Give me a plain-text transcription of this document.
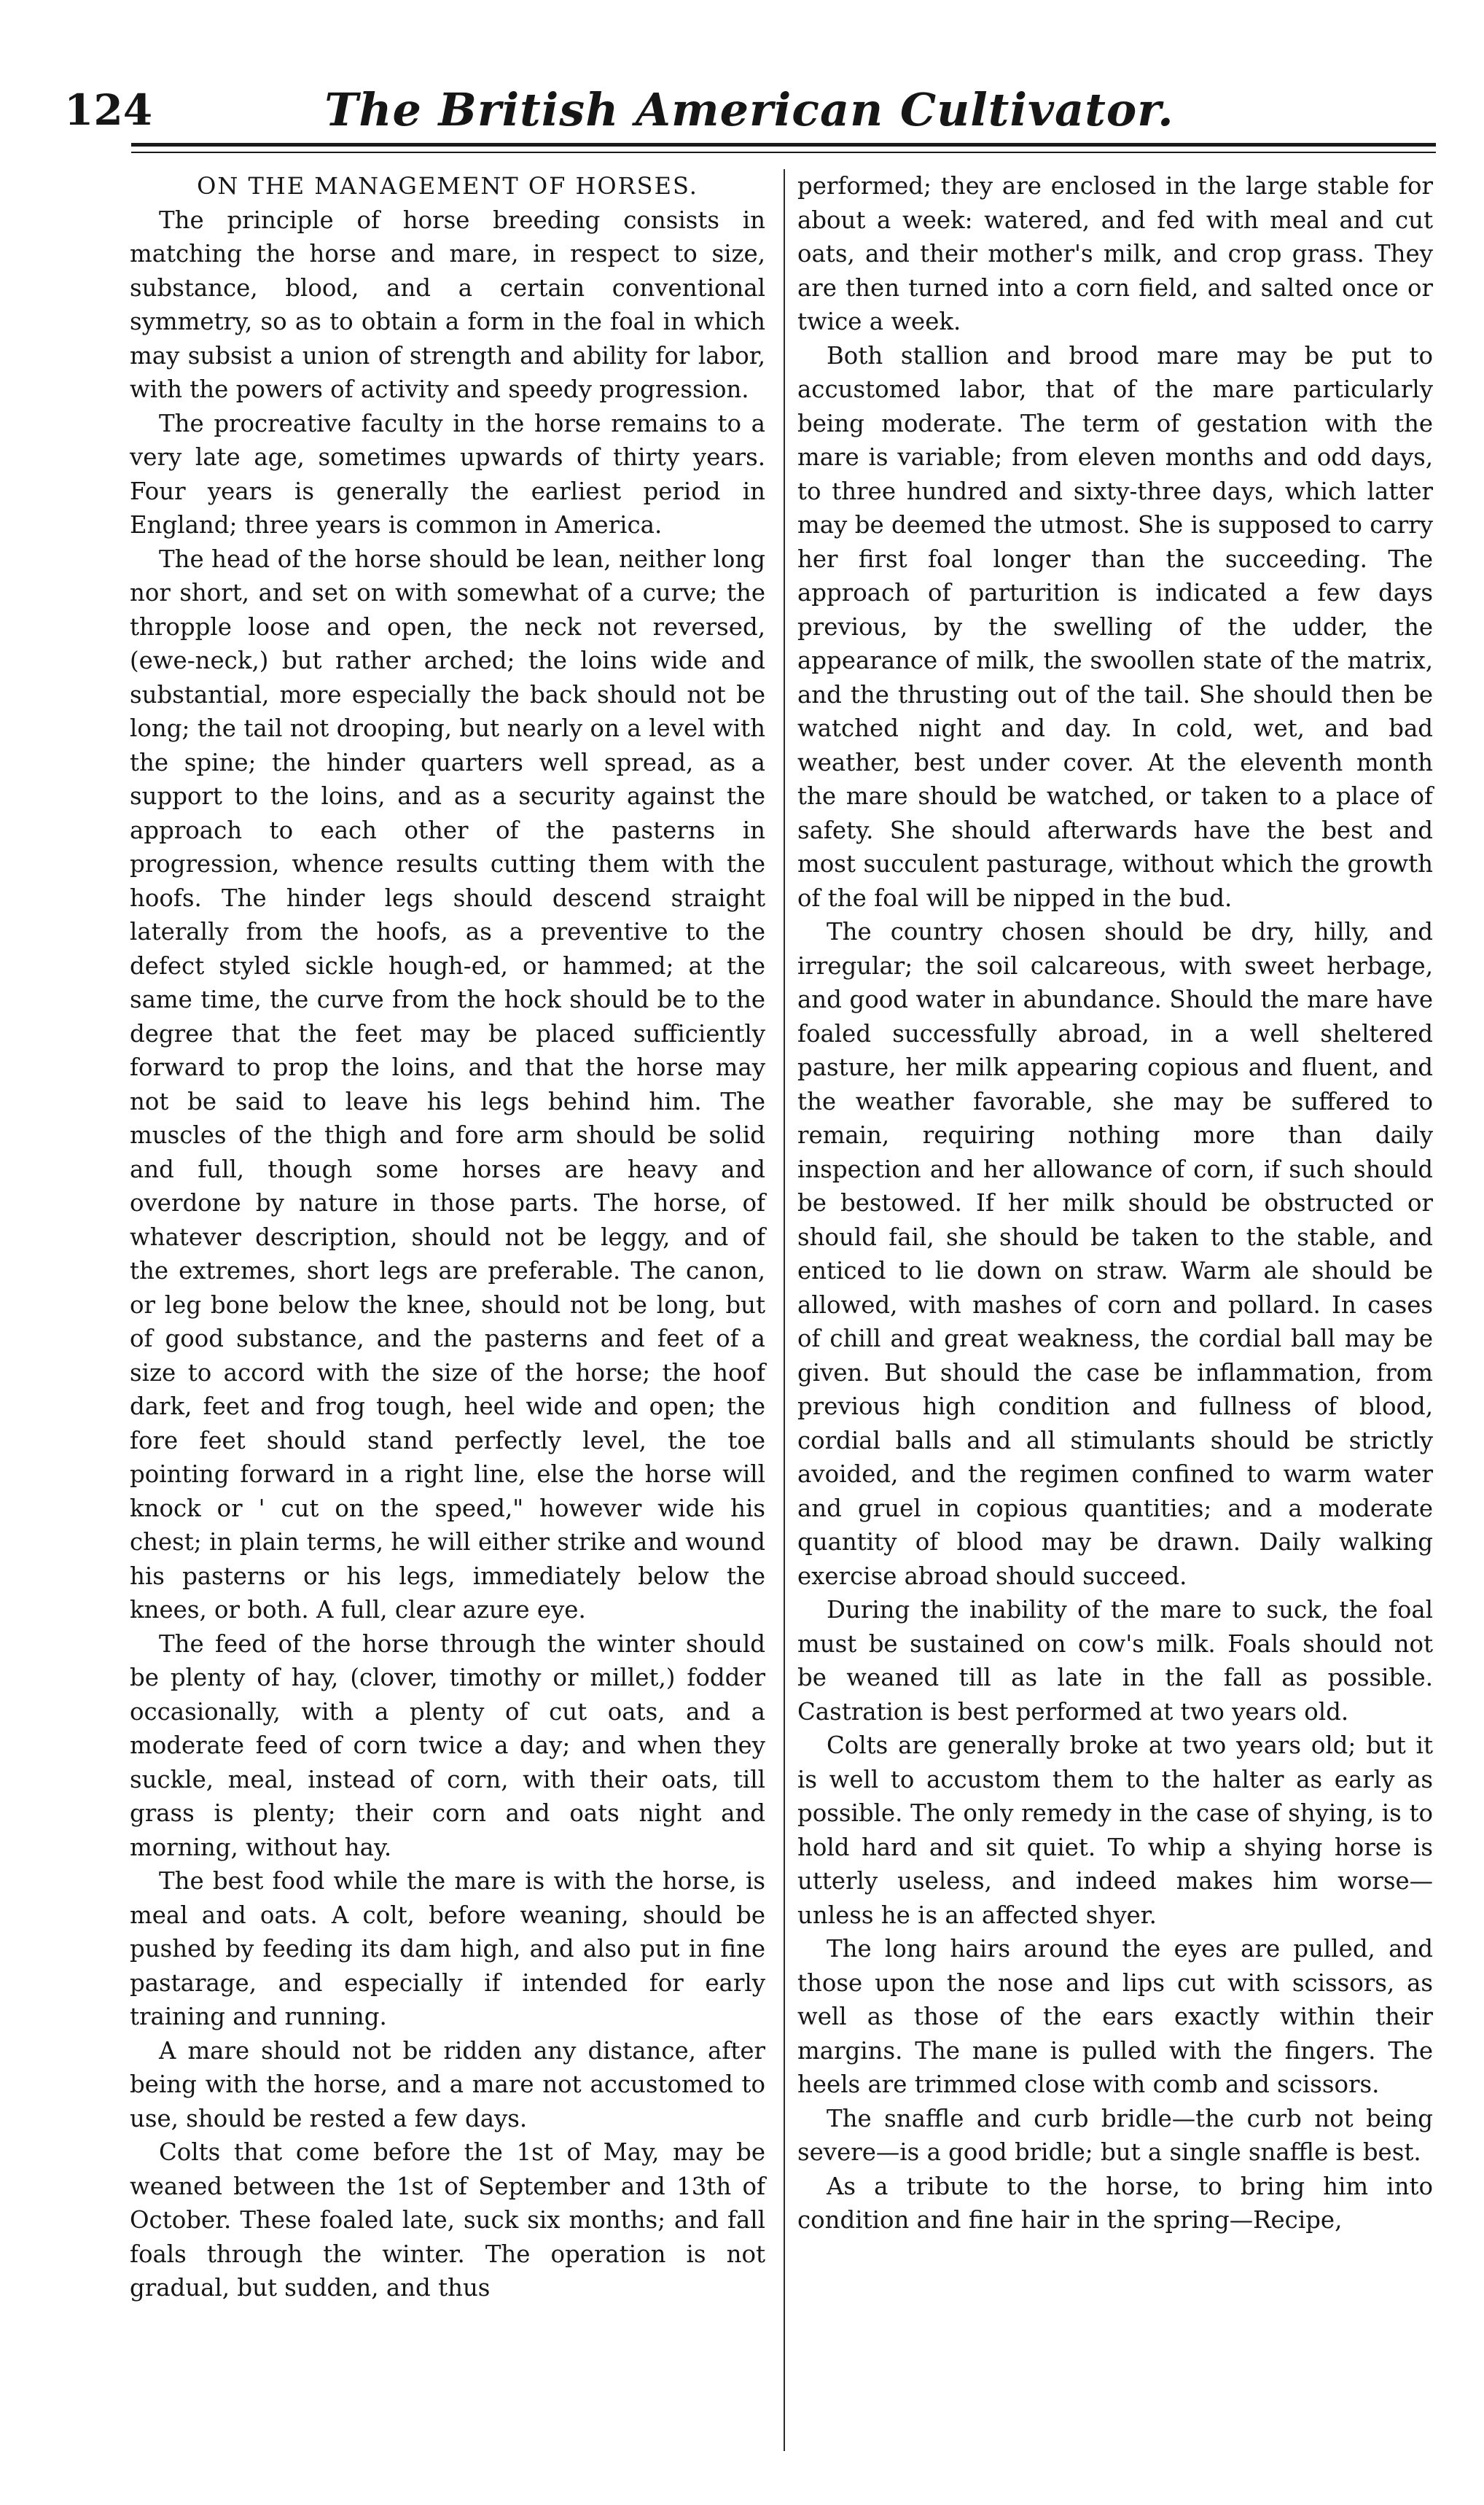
124	The British American Cultivator.
ON THE MANAGEMENT OF HORSES.

The principle of horse breeding consists in matching the horse and mare, in respect to size, substance, blood, and a certain conventional symmetry, so as to obtain a form in the foal in which may subsist a union of strength and ability for labor, with the powers of activity and speedy progression.

The procreative faculty in the horse remains to a very late age, sometimes upwards of thirty years. Four years is generally the earliest period in England; three years is common in America.

The head of the horse should be lean, neither long nor short, and set on with somewhat of a curve; the thropple loose and open, the neck not reversed, (ewe-neck,) but rather arched; the loins wide and substantial, more especially the back should not be long; the tail not drooping, but nearly on a level with the spine; the hinder quarters well spread, as a support to the loins, and as a security against the approach to each other of the pasterns in progression, whence results cutting them with the hoofs. The hinder legs should descend straight laterally from the hoofs, as a preventive to the defect styled sickle hough-ed, or hammed; at the same time, the curve from the hock should be to the degree that the feet may be placed sufficiently forward to prop the loins, and that the horse may not be said to leave his legs behind him. The muscles of the thigh and fore arm should be solid and full, though some horses are heavy and overdone by nature in those parts. The horse, of whatever description, should not be leggy, and of the extremes, short legs are preferable. The canon, or leg bone below the knee, should not be long, but of good substance, and the pasterns and feet of a size to accord with the size of the horse; the hoof dark, feet and frog tough, heel wide and open; the fore feet should stand perfectly level, the toe pointing forward in a right line, else the horse will knock or ' cut on the speed," however wide his chest; in plain terms, he will either strike and wound his pasterns or his legs, immediately below the knees, or both. A full, clear azure eye.

The feed of the horse through the winter should be plenty of hay, (clover, timothy or millet,) fodder occasionally, with a plenty of cut oats, and a moderate feed of corn twice a day; and when they suckle, meal, instead of corn, with their oats, till grass is plenty; their corn and oats night and morning, without hay.

The best food while the mare is with the horse, is meal and oats. A colt, before weaning, should be pushed by feeding its dam high, and also put in fine pastarage, and especially if intended for early training and running.

A mare should not be ridden any distance, after being with the horse, and a mare not accustomed to use, should be rested a few days.

Colts that come before the 1st of May, may be weaned between the 1st of September and 13th of October. These foaled late, suck six months; and fall foals through the winter. The operation is not gradual, but sudden, and thus

performed; they are enclosed in the large stable for about a week: watered, and fed with meal and cut oats, and their mother's milk, and crop grass. They are then turned into a corn field, and salted once or twice a week.

Both stallion and brood mare may be put to accustomed labor, that of the mare particularly being moderate. The term of gestation with the mare is variable; from eleven months and odd days, to three hundred and sixty-three days, which latter may be deemed the utmost. She is supposed to carry her first foal longer than the succeeding. The approach of parturition is indicated a few days previous, by the swelling of the udder, the appearance of milk, the swoollen state of the matrix, and the thrusting out of the tail. She should then be watched night and day. In cold, wet, and bad weather, best under cover. At the eleventh month the mare should be watched, or taken to a place of safety. She should afterwards have the best and most succulent pasturage, without which the growth of the foal will be nipped in the bud.

The country chosen should be dry, hilly, and irregular; the soil calcareous, with sweet herbage, and good water in abundance. Should the mare have foaled successfully abroad, in a well sheltered pasture, her milk appearing copious and fluent, and the weather favorable, she may be suffered to remain, requiring nothing more than daily inspection and her allowance of corn, if such should be bestowed. If her milk should be obstructed or should fail, she should be taken to the stable, and enticed to lie down on straw. Warm ale should be allowed, with mashes of corn and pollard. In cases of chill and great weakness, the cordial ball may be given. But should the case be inflammation, from previous high condition and fullness of blood, cordial balls and all stimulants should be strictly avoided, and the regimen confined to warm water and gruel in copious quantities; and a moderate quantity of blood may be drawn. Daily walking exercise abroad should succeed.

During the inability of the mare to suck, the foal must be sustained on cow's milk. Foals should not be weaned till as late in the fall as possible. Castration is best performed at two years old.

Colts are generally broke at two years old; but it is well to accustom them to the halter as early as possible. The only remedy in the case of shying, is to hold hard and sit quiet. To whip a shying horse is utterly useless, and indeed makes him worse—unless he is an affected shyer.

The long hairs around the eyes are pulled, and those upon the nose and lips cut with scissors, as well as those of the ears exactly within their margins. The mane is pulled with the fingers. The heels are trimmed close with comb and scissors.

The snaffle and curb bridle—the curb not being severe—is a good bridle; but a single snaffle is best.

As a tribute to the horse, to bring him into condition and fine hair in the spring—Recipe,
